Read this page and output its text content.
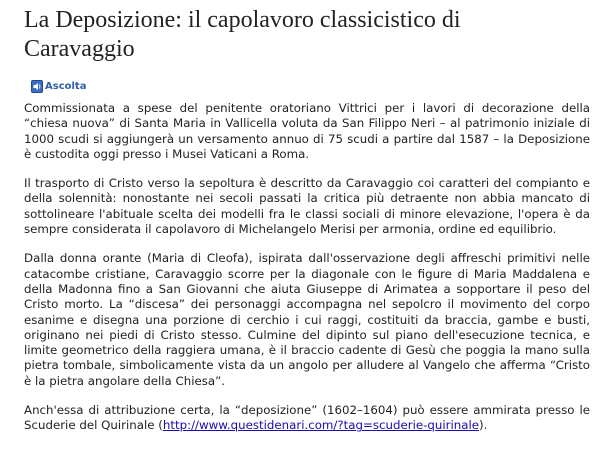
La Deposizione: il capolavoro classicistico di Caravaggio
Ascolta

Commissionata a spese del penitente oratoriano Vittrici per i lavori di decorazione della “chiesa nuova” di Santa Maria in Vallicella voluta da San Filippo Neri – al patrimonio iniziale di 1000 scudi si aggiungerà un versamento annuo di 75 scudi a partire dal 1587 – la Deposizione è custodita oggi presso i Musei Vaticani a Roma.

Il trasporto di Cristo verso la sepoltura è descritto da Caravaggio coi caratteri del compianto e della solennità: nonostante nei secoli passati la critica più detraente non abbia mancato di sottolineare l'abituale scelta dei modelli fra le classi sociali di minore elevazione, l'opera è da sempre considerata il capolavoro di Michelangelo Merisi per armonia, ordine ed equilibrio.

Dalla donna orante (Maria di Cleofa), ispirata dall'osservazione degli affreschi primitivi nelle catacombe cristiane, Caravaggio scorre per la diagonale con le figure di Maria Maddalena e della Madonna fino a San Giovanni che aiuta Giuseppe di Arimatea a sopportare il peso del Cristo morto. La “discesa” dei personaggi accompagna nel sepolcro il movimento del corpo esanime e disegna una porzione di cerchio i cui raggi, costituiti da braccia, gambe e busti, originano nei piedi di Cristo stesso. Culmine del dipinto sul piano dell'esecuzione tecnica, e limite geometrico della raggiera umana, è il braccio cadente di Gesù che poggia la mano sulla pietra tombale, simbolicamente vista da un angolo per alludere al Vangelo che afferma “Cristo è la pietra angolare della Chiesa”.

Anch'essa di attribuzione certa, la “deposizione” (1602–1604) può essere ammirata presso le Scuderie del Quirinale (http://www.questidenari.com/?tag=scuderie-quirinale).
